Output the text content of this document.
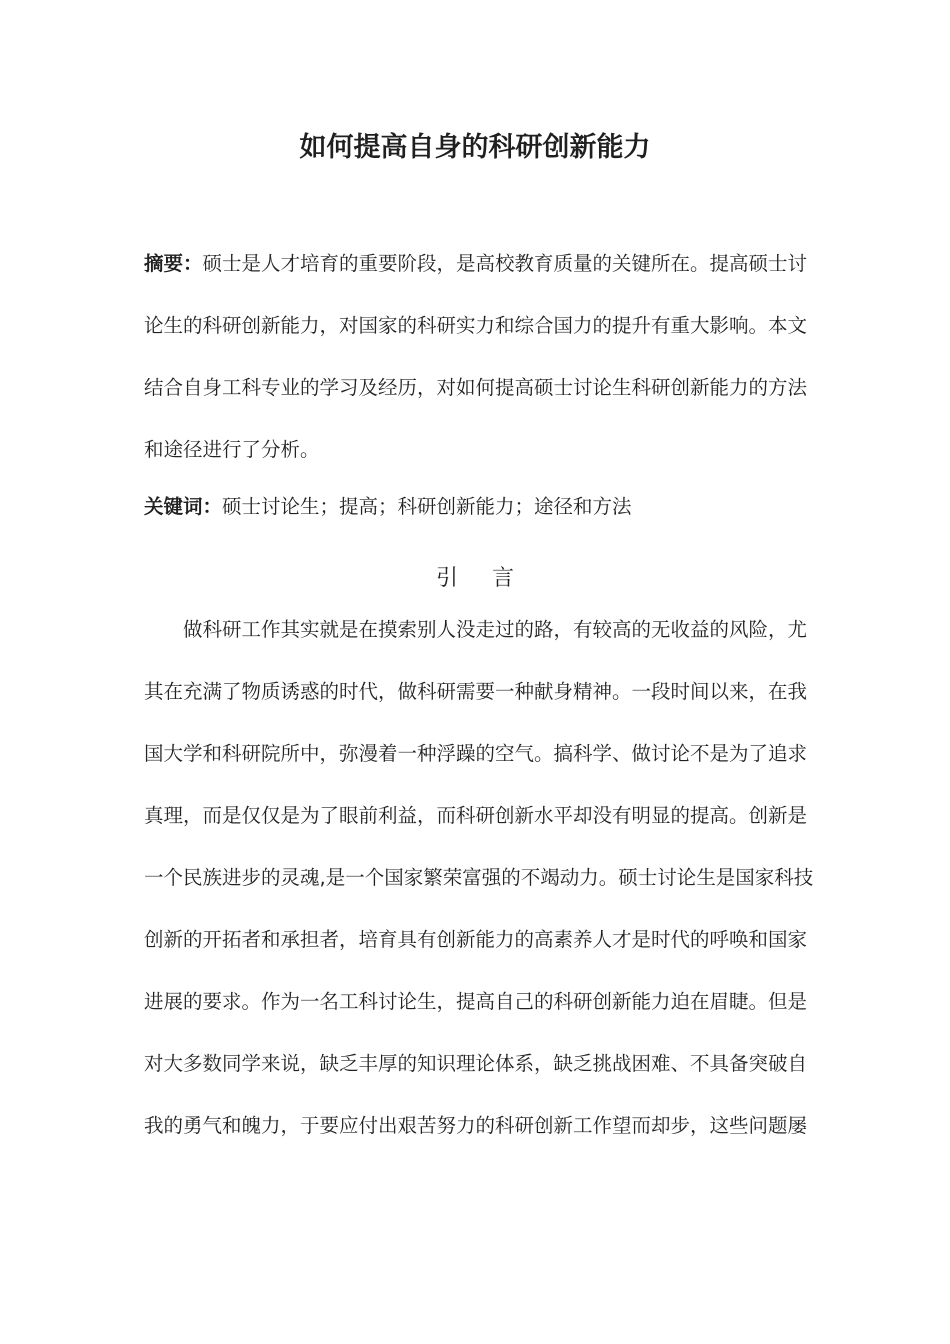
如何提高自身的科研创新能力
摘要：硕士是人才培育的重要阶段，是高校教育质量的关键所在。提高硕士讨
论生的科研创新能力，对国家的科研实力和综合国力的提升有重大影响。本文
结合自身工科专业的学习及经历，对如何提高硕士讨论生科研创新能力的方法
和途径进行了分析。
关键词：硕士讨论生；提高；科研创新能力；途径和方法
引 言
做科研工作其实就是在摸索别人没走过的路，有较高的无收益的风险，尤
其在充满了物质诱惑的时代，做科研需要一种献身精神。一段时间以来，在我
国大学和科研院所中，弥漫着一种浮躁的空气。搞科学、做讨论不是为了追求
真理，而是仅仅是为了眼前利益，而科研创新水平却没有明显的提高。创新是
一个民族进步的灵魂,是一个国家繁荣富强的不竭动力。硕士讨论生是国家科技
创新的开拓者和承担者，培育具有创新能力的高素养人才是时代的呼唤和国家
进展的要求。作为一名工科讨论生，提高自己的科研创新能力迫在眉睫。但是
对大多数同学来说，缺乏丰厚的知识理论体系，缺乏挑战困难、不具备突破自
我的勇气和魄力，于要应付出艰苦努力的科研创新工作望而却步，这些问题屡
